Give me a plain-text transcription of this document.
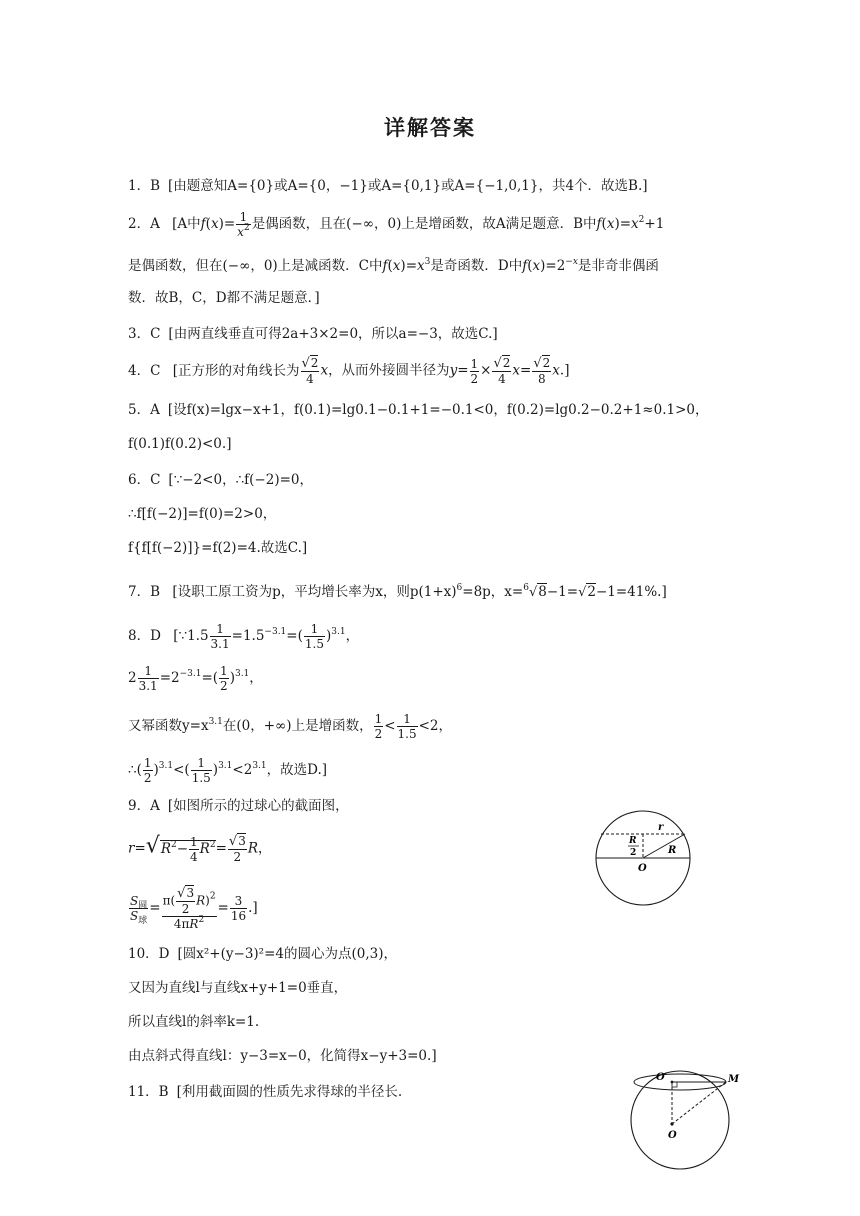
详解答案
1．B [由题意知A={0}或A={0，−1}或A={0,1}或A={−1,0,1}，共4个．故选B.]
2．A [A中$f(x)= \frac{1}{x^2}$ 是偶函数，且在(−∞，0)上是增函数，故A满足题意．B中$f(x)=x^2+1$
是偶函数，但在(−∞，0)上是减函数．C中$f(x)=x^3$是奇函数．D中$f(x)=2^{-x}$是非奇非偶函
数．故B，C，D都不满足题意．]
3．C [由两直线垂直可得2a+3×2=0，所以a=−3，故选C.]
4．C [正方形的对角线长为 $\frac{√2}{4}$ x，从而外接圆半径为$y= \frac{1}{2} \times \frac{√2}{4} x= \frac{√2}{8} x$.]
5．A [设f(x)=lgx−x+1，f(0.1)=lg0.1−0.1+1=−0.1<0，f(0.2)=lg0.2−0.2+1≈0.1>0，
f(0.1)f(0.2)<0.]
6．C [∵−2<0，∴f(−2)=0，
∴f[f(−2)]=f(0)=2>0，
f{f[f(−2)]}=f(2)=4.故选C.]
7．B [设职工原工资为p，平均增长率为x，则$p(1+x)^6=8p$，x=$^6$√8−1=√2−1=41%.]
8．D [∵1.5 $\frac{1}{3.1} =1.5^{-3.1}=( \frac{1}{1.5} )^{3.1}$，
$2 \frac{1}{3.1} =2^{-3.1}=( \frac{1}{2} )^{3.1}$，
又幂函数$y=x^{3.1}$在(0，+∞)上是增函数， $\frac{1}{2} < \frac{1}{1.5} <2$，
∴( $\frac{1}{2} )^{3.1}<( \frac{1}{1.5} )^{3.1}<2^{3.1}$，故选D.]
9．A [如图所示的过球心的截面图，
$r=√R^2- \frac{1}{4} R^2= \frac{√3}{2}$ R，
$\frac{S_圆}{S_球} = \frac{\pi( \frac{√3}{2} R)^2}{4\pi R^2} = \frac{3}{16}$ .]
r
R
R
2
O
10．D [圆x²+(y−3)²=4的圆心为点(0,3)，
又因为直线l与直线x+y+1=0垂直，
所以直线l的斜率k=1.
由点斜式得直线l：y−3=x−0，化简得x−y+3=0.]
11．B [利用截面圆的性质先求得球的半径长.
O′	M
O
